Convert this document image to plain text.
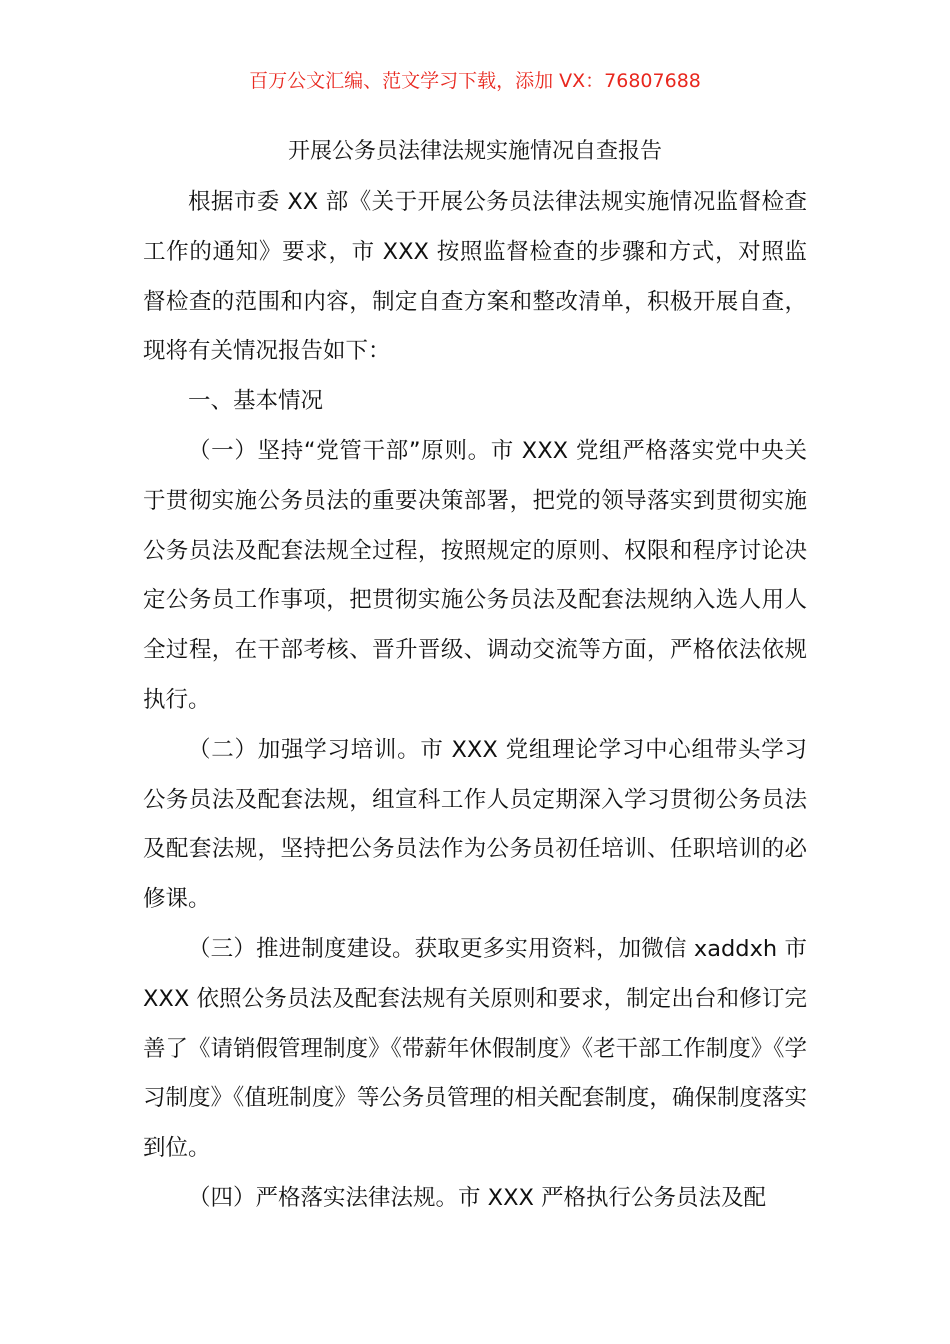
百万公文汇编、范文学习下载，添加 VX：76807688
开展公务员法律法规实施情况自查报告

根据市委 XX 部《关于开展公务员法律法规实施情况监督检查工作的通知》要求，市 XXX 按照监督检查的步骤和方式，对照监督检查的范围和内容，制定自查方案和整改清单，积极开展自查，现将有关情况报告如下：

一、基本情况

（一）坚持“党管干部”原则。市 XXX 党组严格落实党中央关于贯彻实施公务员法的重要决策部署，把党的领导落实到贯彻实施公务员法及配套法规全过程，按照规定的原则、权限和程序讨论决定公务员工作事项，把贯彻实施公务员法及配套法规纳入选人用人全过程，在干部考核、晋升晋级、调动交流等方面，严格依法依规执行。

（二）加强学习培训。市 XXX 党组理论学习中心组带头学习公务员法及配套法规，组宣科工作人员定期深入学习贯彻公务员法及配套法规，坚持把公务员法作为公务员初任培训、任职培训的必修课。

（三）推进制度建设。获取更多实用资料，加微信 xaddxh 市 XXX 依照公务员法及配套法规有关原则和要求，制定出台和修订完善了《请销假管理制度》《带薪年休假制度》《老干部工作制度》《学习制度》《值班制度》等公务员管理的相关配套制度，确保制度落实到位。

（四）严格落实法律法规。市 XXX 严格执行公务员法及配
